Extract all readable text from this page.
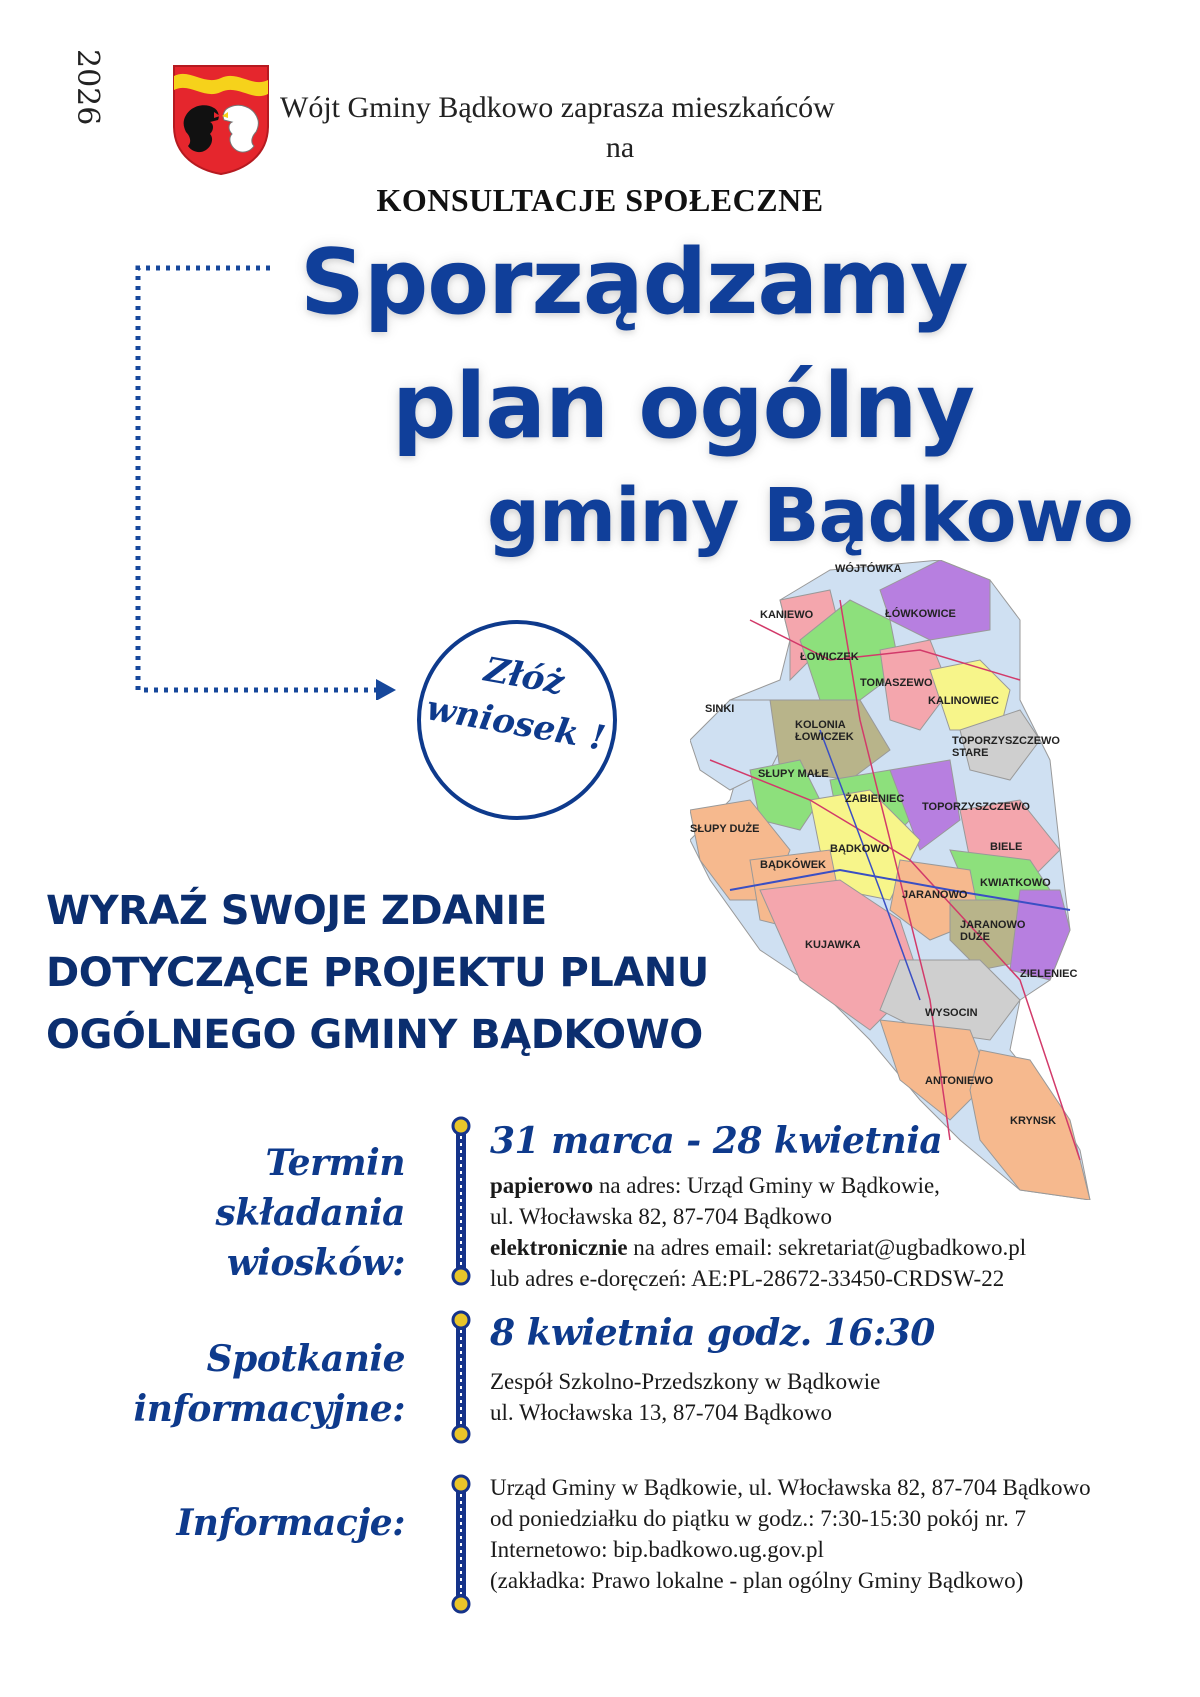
2026	Wójt Gminy Bądkowo zaprasza mieszkańców
na
KONSULTACJE SPOŁECZNE
Sporządzamy
plan ogólny
gminy Bądkowo
Złóż
wniosek !
WÓJTÓWKA
KANIEWO	ŁÓWKOWICE
ŁOWICZEK
TOMASZEWO
KALINOWIEC
SINKI
KOLONIA ŁOWICZEK	TOPORZYSZCZEWO STARE
SŁUPY MAŁE
ŻABIENIEC
TOPORZYSZCZEWO
SŁUPY DUŻE
BĄDKOWO	BIELE
BĄDKÓWEK
KWIATKOWO
JARANOWO
JARANOWO DUŻE
KUJAWKA
ZIELENIEC
WYSOCIN
ANTONIEWO
KRYNSK
WYRAŹ SWOJE ZDANIE
DOTYCZĄCE PROJEKTU PLANU
OGÓLNEGO GMINY BĄDKOWO
Termin składania
wiosków:
Spotkanie
informacyjne:
Informacje:
31 marca - 28 kwietnia
8 kwietnia godz. 16:30
papierowo na adres: Urząd Gminy w Bądkowie,
ul. Włocławska 82, 87-704 Bądkowo
elektronicznie na adres email: sekretariat@ugbadkowo.pl
lub adres e-doręczeń: AE:PL-28672-33450-CRDSW-22
Zespół Szkolno-Przedszkony w Bądkowie
ul. Włocławska 13, 87-704 Bądkowo
Urząd Gminy w Bądkowie, ul. Włocławska 82, 87-704 Bądkowo
od poniedziałku do piątku w godz.: 7:30-15:30 pokój nr. 7
Internetowo: bip.badkowo.ug.gov.pl
(zakładka: Prawo lokalne - plan ogólny Gminy Bądkowo)
